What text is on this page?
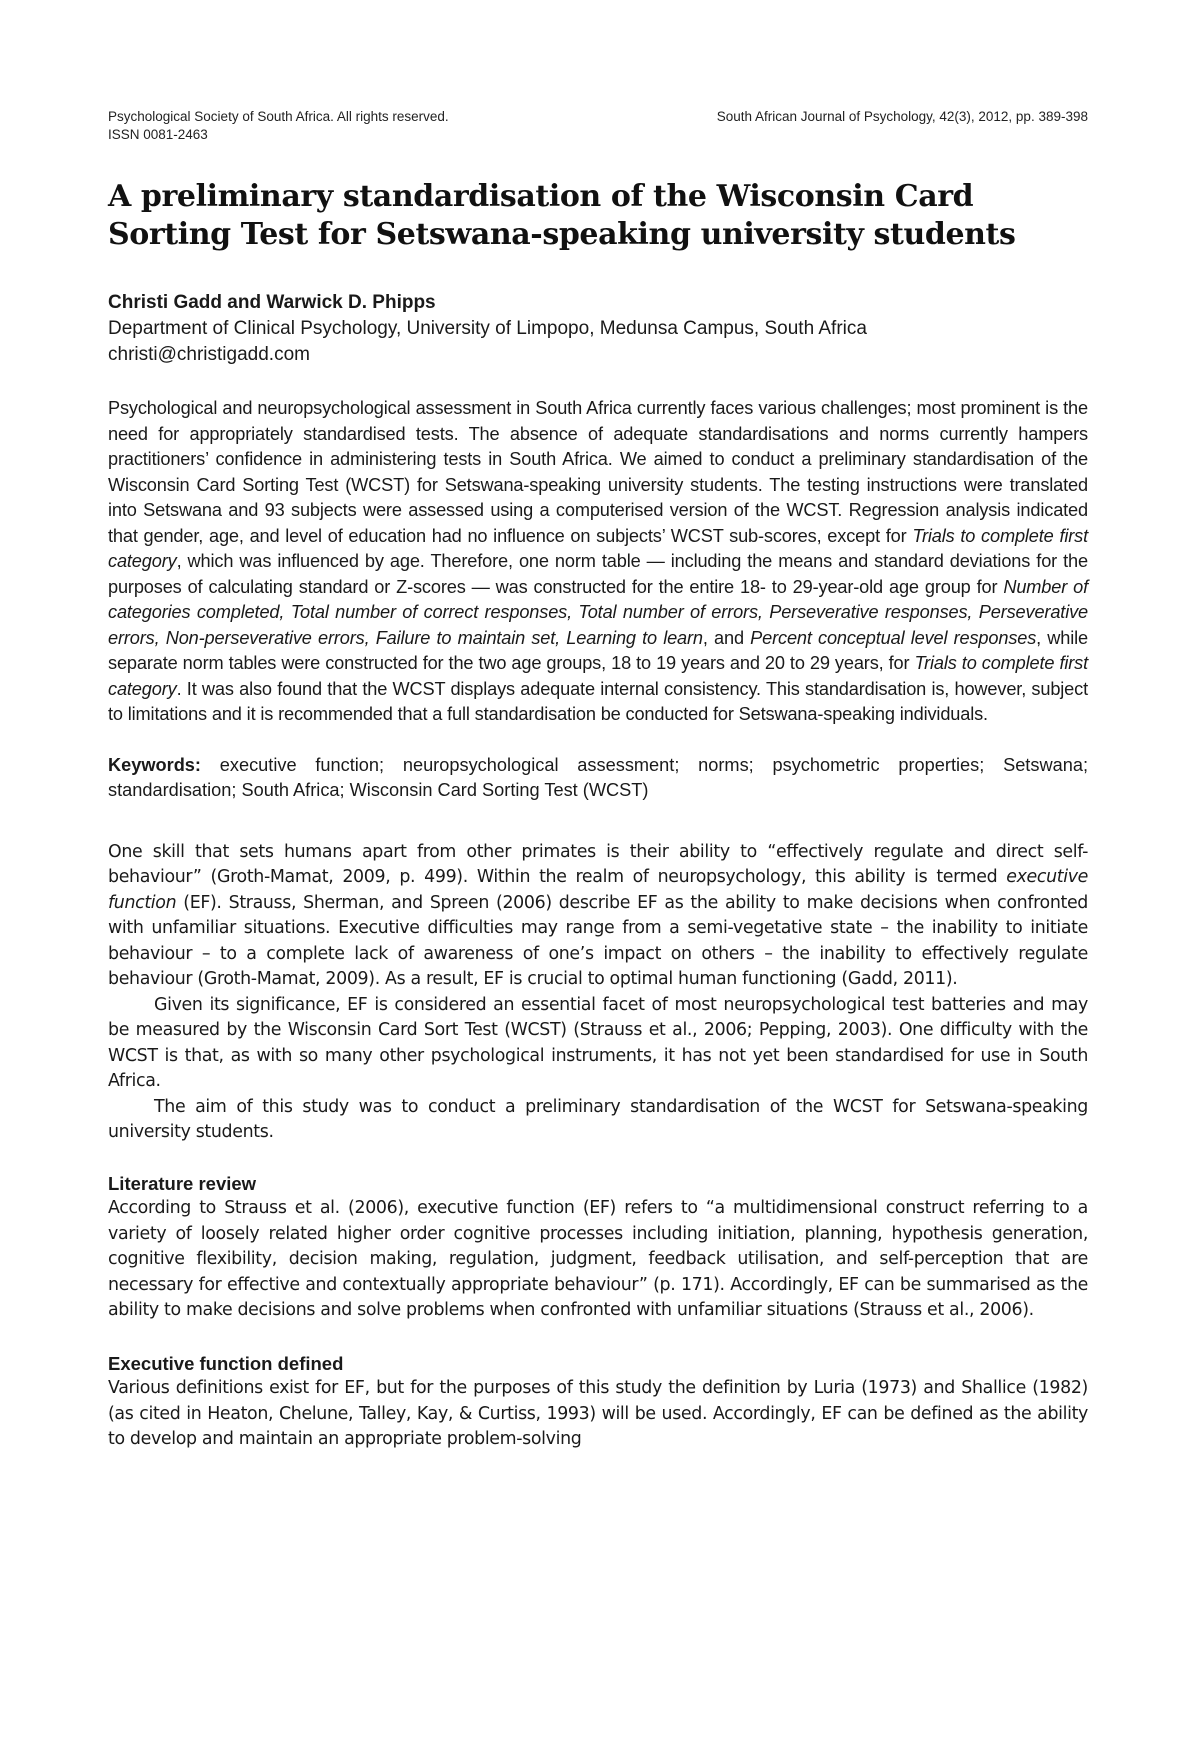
Psychological Society of South Africa. All rights reserved.	South African Journal of Psychology, 42(3), 2012, pp. 389-398
ISSN 0081-2463
A preliminary standardisation of the Wisconsin Card Sorting Test for Setswana-speaking university students
Christi Gadd and Warwick D. Phipps
Department of Clinical Psychology, University of Limpopo, Medunsa Campus, South Africa
christi@christigadd.com
Psychological and neuropsychological assessment in South Africa currently faces various challenges; most prominent is the need for appropriately standardised tests. The absence of adequate standardisations and norms currently hampers practitioners’ confidence in administering tests in South Africa. We aimed to conduct a preliminary standardisation of the Wisconsin Card Sorting Test (WCST) for Setswana-speaking university students. The testing instructions were translated into Setswana and 93 subjects were assessed using a computerised version of the WCST. Regression analysis indicated that gender, age, and level of education had no influence on subjects’ WCST sub-scores, except for Trials to complete first category, which was influenced by age. Therefore, one norm table — including the means and standard deviations for the purposes of calculating standard or Z-scores — was constructed for the entire 18- to 29-year-old age group for Number of categories completed, Total number of correct responses, Total number of errors, Perseverative responses, Perseverative errors, Non-perseverative errors, Failure to maintain set, Learning to learn, and Percent conceptual level responses, while separate norm tables were constructed for the two age groups, 18 to 19 years and 20 to 29 years, for Trials to complete first category. It was also found that the WCST displays adequate internal consistency. This standardisation is, however, subject to limitations and it is recommended that a full standardisation be conducted for Setswana-speaking individuals.
Keywords: executive function; neuropsychological assessment; norms; psychometric properties; Setswana; standardisation; South Africa; Wisconsin Card Sorting Test (WCST)

One skill that sets humans apart from other primates is their ability to “effectively regulate and direct self-behaviour” (Groth-Mamat, 2009, p. 499). Within the realm of neuropsychology, this ability is termed executive function (EF). Strauss, Sherman, and Spreen (2006) describe EF as the ability to make decisions when confronted with unfamiliar situations. Executive difficulties may range from a semi-vegetative state – the inability to initiate behaviour – to a complete lack of awareness of one’s impact on others – the inability to effectively regulate behaviour (Groth-Mamat, 2009). As a result, EF is crucial to optimal human functioning (Gadd, 2011).

Given its significance, EF is considered an essential facet of most neuropsychological test batteries and may be measured by the Wisconsin Card Sort Test (WCST) (Strauss et al., 2006; Pepping, 2003). One difficulty with the WCST is that, as with so many other psychological instruments, it has not yet been standardised for use in South Africa.

The aim of this study was to conduct a preliminary standardisation of the WCST for Setswana-speaking university students.

Literature review

According to Strauss et al. (2006), executive function (EF) refers to “a multidimensional construct referring to a variety of loosely related higher order cognitive processes including initiation, planning, hypothesis generation, cognitive flexibility, decision making, regulation, judgment, feedback utilisation, and self-perception that are necessary for effective and contextually appropriate behaviour” (p. 171). Accordingly, EF can be summarised as the ability to make decisions and solve problems when confronted with unfamiliar situations (Strauss et al., 2006).

Executive function defined

Various definitions exist for EF, but for the purposes of this study the definition by Luria (1973) and Shallice (1982) (as cited in Heaton, Chelune, Talley, Kay, & Curtiss, 1993) will be used. Accordingly, EF can be defined as the ability to develop and maintain an appropriate problem-solving
